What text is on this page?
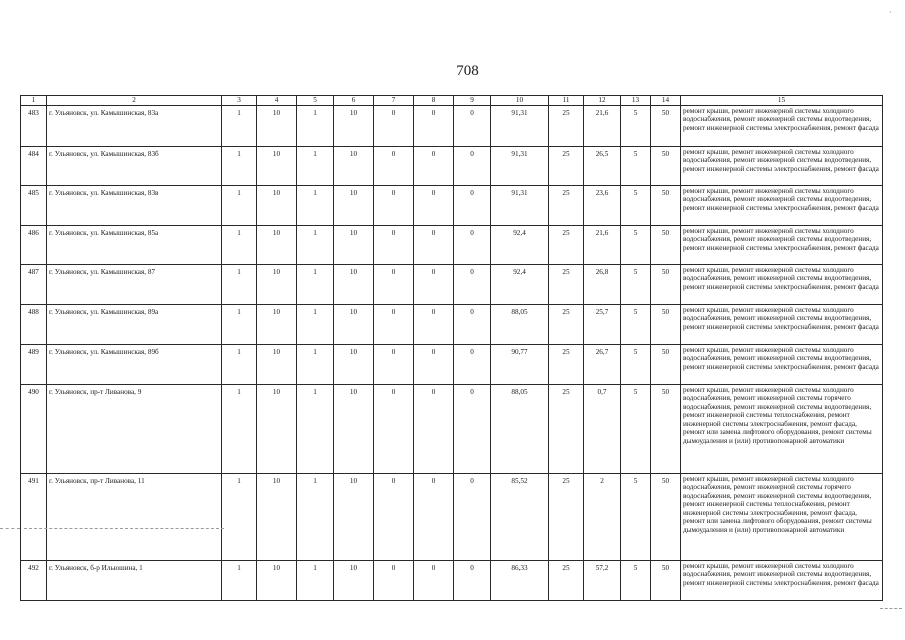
708
1	2	3	4	5	6	7	8	9	10	11	12	13	14	15
483	г. Ульяновск, ул. Камышинская, 83а	1	10	1	10	0	0	0	91,31	25	21,6	5	50	ремонт крыши, ремонт инженерной системы холодного водоснабжения, ремонт инженерной системы водоотведения, ремонт инженерной системы электроснабжения, ремонт фасада
484	г. Ульяновск, ул. Камышинская, 83б	1	10	1	10	0	0	0	91,31	25	26,5	5	50	ремонт крыши, ремонт инженерной системы холодного водоснабжения, ремонт инженерной системы водоотведения, ремонт инженерной системы электроснабжения, ремонт фасада
485	г. Ульяновск, ул. Камышинская, 83в	1	10	1	10	0	0	0	91,31	25	23,6	5	50	ремонт крыши, ремонт инженерной системы холодного водоснабжения, ремонт инженерной системы водоотведения, ремонт инженерной системы электроснабжения, ремонт фасада
486	г. Ульяновск, ул. Камышинская, 85а	1	10	1	10	0	0	0	92,4	25	21,6	5	50	ремонт крыши, ремонт инженерной системы холодного водоснабжения, ремонт инженерной системы водоотведения, ремонт инженерной системы электроснабжения, ремонт фасада
487	г. Ульяновск, ул. Камышинская, 87	1	10	1	10	0	0	0	92,4	25	26,8	5	50	ремонт крыши, ремонт инженерной системы холодного водоснабжения, ремонт инженерной системы водоотведения, ремонт инженерной системы электроснабжения, ремонт фасада
488	г. Ульяновск, ул. Камышинская, 89а	1	10	1	10	0	0	0	88,05	25	25,7	5	50	ремонт крыши, ремонт инженерной системы холодного водоснабжения, ремонт инженерной системы водоотведения, ремонт инженерной системы электроснабжения, ремонт фасада
489	г. Ульяновск, ул. Камышинская, 89б	1	10	1	10	0	0	0	90,77	25	26,7	5	50	ремонт крыши, ремонт инженерной системы холодного водоснабжения, ремонт инженерной системы водоотведения, ремонт инженерной системы электроснабжения, ремонт фасада
490	г. Ульяновск, пр-т Ливанова, 9	1	10	1	10	0	0	0	88,05	25	0,7	5	50	ремонт крыши, ремонт инженерной системы холодного водоснабжения, ремонт инженерной системы горячего водоснабжения, ремонт инженерной системы водоотведения, ремонт инженерной системы теплоснабжения, ремонт инженерной системы электроснабжения, ремонт фасада, ремонт или замена лифтового оборудования, ремонт системы дымоудаления и (или) противопожарной автоматики
491	г. Ульяновск, пр-т Ливанова, 11	1	10	1	10	0	0	0	85,52	25	2	5	50	ремонт крыши, ремонт инженерной системы холодного водоснабжения, ремонт инженерной системы горячего водоснабжения, ремонт инженерной системы водоотведения, ремонт инженерной системы теплоснабжения, ремонт инженерной системы электроснабжения, ремонт фасада, ремонт или замена лифтового оборудования, ремонт системы дымоудаления и (или) противопожарной автоматики
492	г. Ульяновск, б-р Ильюшина, 1	1	10	1	10	0	0	0	86,33	25	57,2	5	50	ремонт крыши, ремонт инженерной системы холодного водоснабжения, ремонт инженерной системы водоотведения, ремонт инженерной системы электроснабжения, ремонт фасада
·
